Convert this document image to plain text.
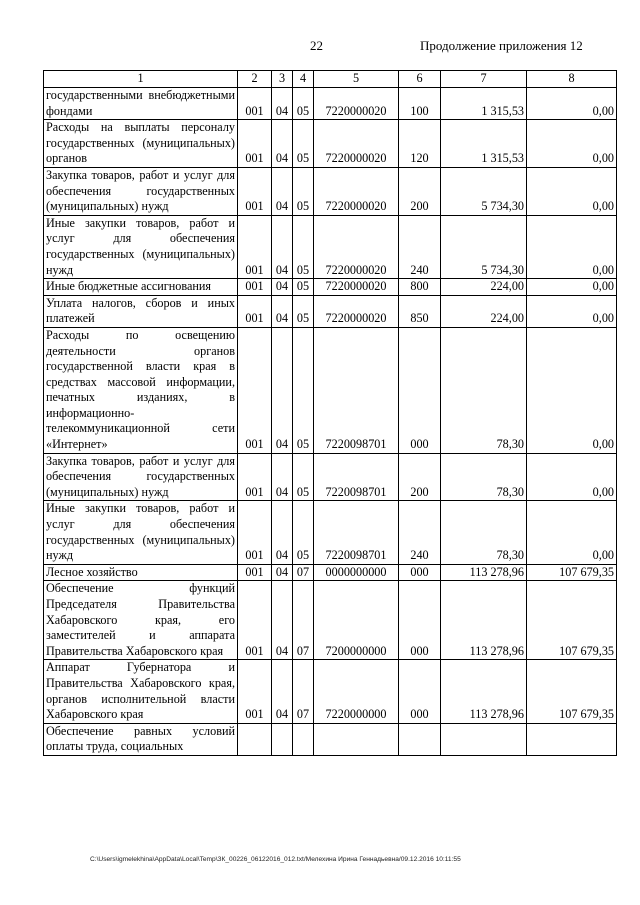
22	Продолжение приложения 12
1	2	3	4	5	6	7	8
государственными внебюджетными фондами	001	04	05	7220000020	100	1 315,53	0,00
Расходы на выплаты персоналу государственных (муниципальных) органов	001	04	05	7220000020	120	1 315,53	0,00
Закупка товаров, работ и услуг для обеспечения государственных (муниципальных) нужд	001	04	05	7220000020	200	5 734,30	0,00
Иные закупки товаров, работ и услуг для обеспечения государственных (муниципальных) нужд	001	04	05	7220000020	240	5 734,30	0,00
Иные бюджетные ассигнования	001	04	05	7220000020	800	224,00	0,00
Уплата налогов, сборов и иных платежей	001	04	05	7220000020	850	224,00	0,00
Расходы по освещению деятельности органов государственной власти края в средствах массовой информации, печатных изданиях, в информационно-телекоммуникационной сети «Интернет»	001	04	05	7220098701	000	78,30	0,00
Закупка товаров, работ и услуг для обеспечения государственных (муниципальных) нужд	001	04	05	7220098701	200	78,30	0,00
Иные закупки товаров, работ и услуг для обеспечения государственных (муниципальных) нужд	001	04	05	7220098701	240	78,30	0,00
Лесное хозяйство	001	04	07	0000000000	000	113 278,96	107 679,35
Обеспечение функций Председателя Правительства Хабаровского края, его заместителей и аппарата Правительства Хабаровского края	001	04	07	7200000000	000	113 278,96	107 679,35
Аппарат Губернатора и Правительства Хабаровского края, органов исполнительной власти Хабаровского края	001	04	07	7220000000	000	113 278,96	107 679,35
Обеспечение равных условий оплаты труда, социальных							
C:\Users\igmelekhina\AppData\Local\Temp\ЗК_00226_06122016_012.txt/Мелехина Ирина Геннадьевна/09.12.2016 10:11:55
